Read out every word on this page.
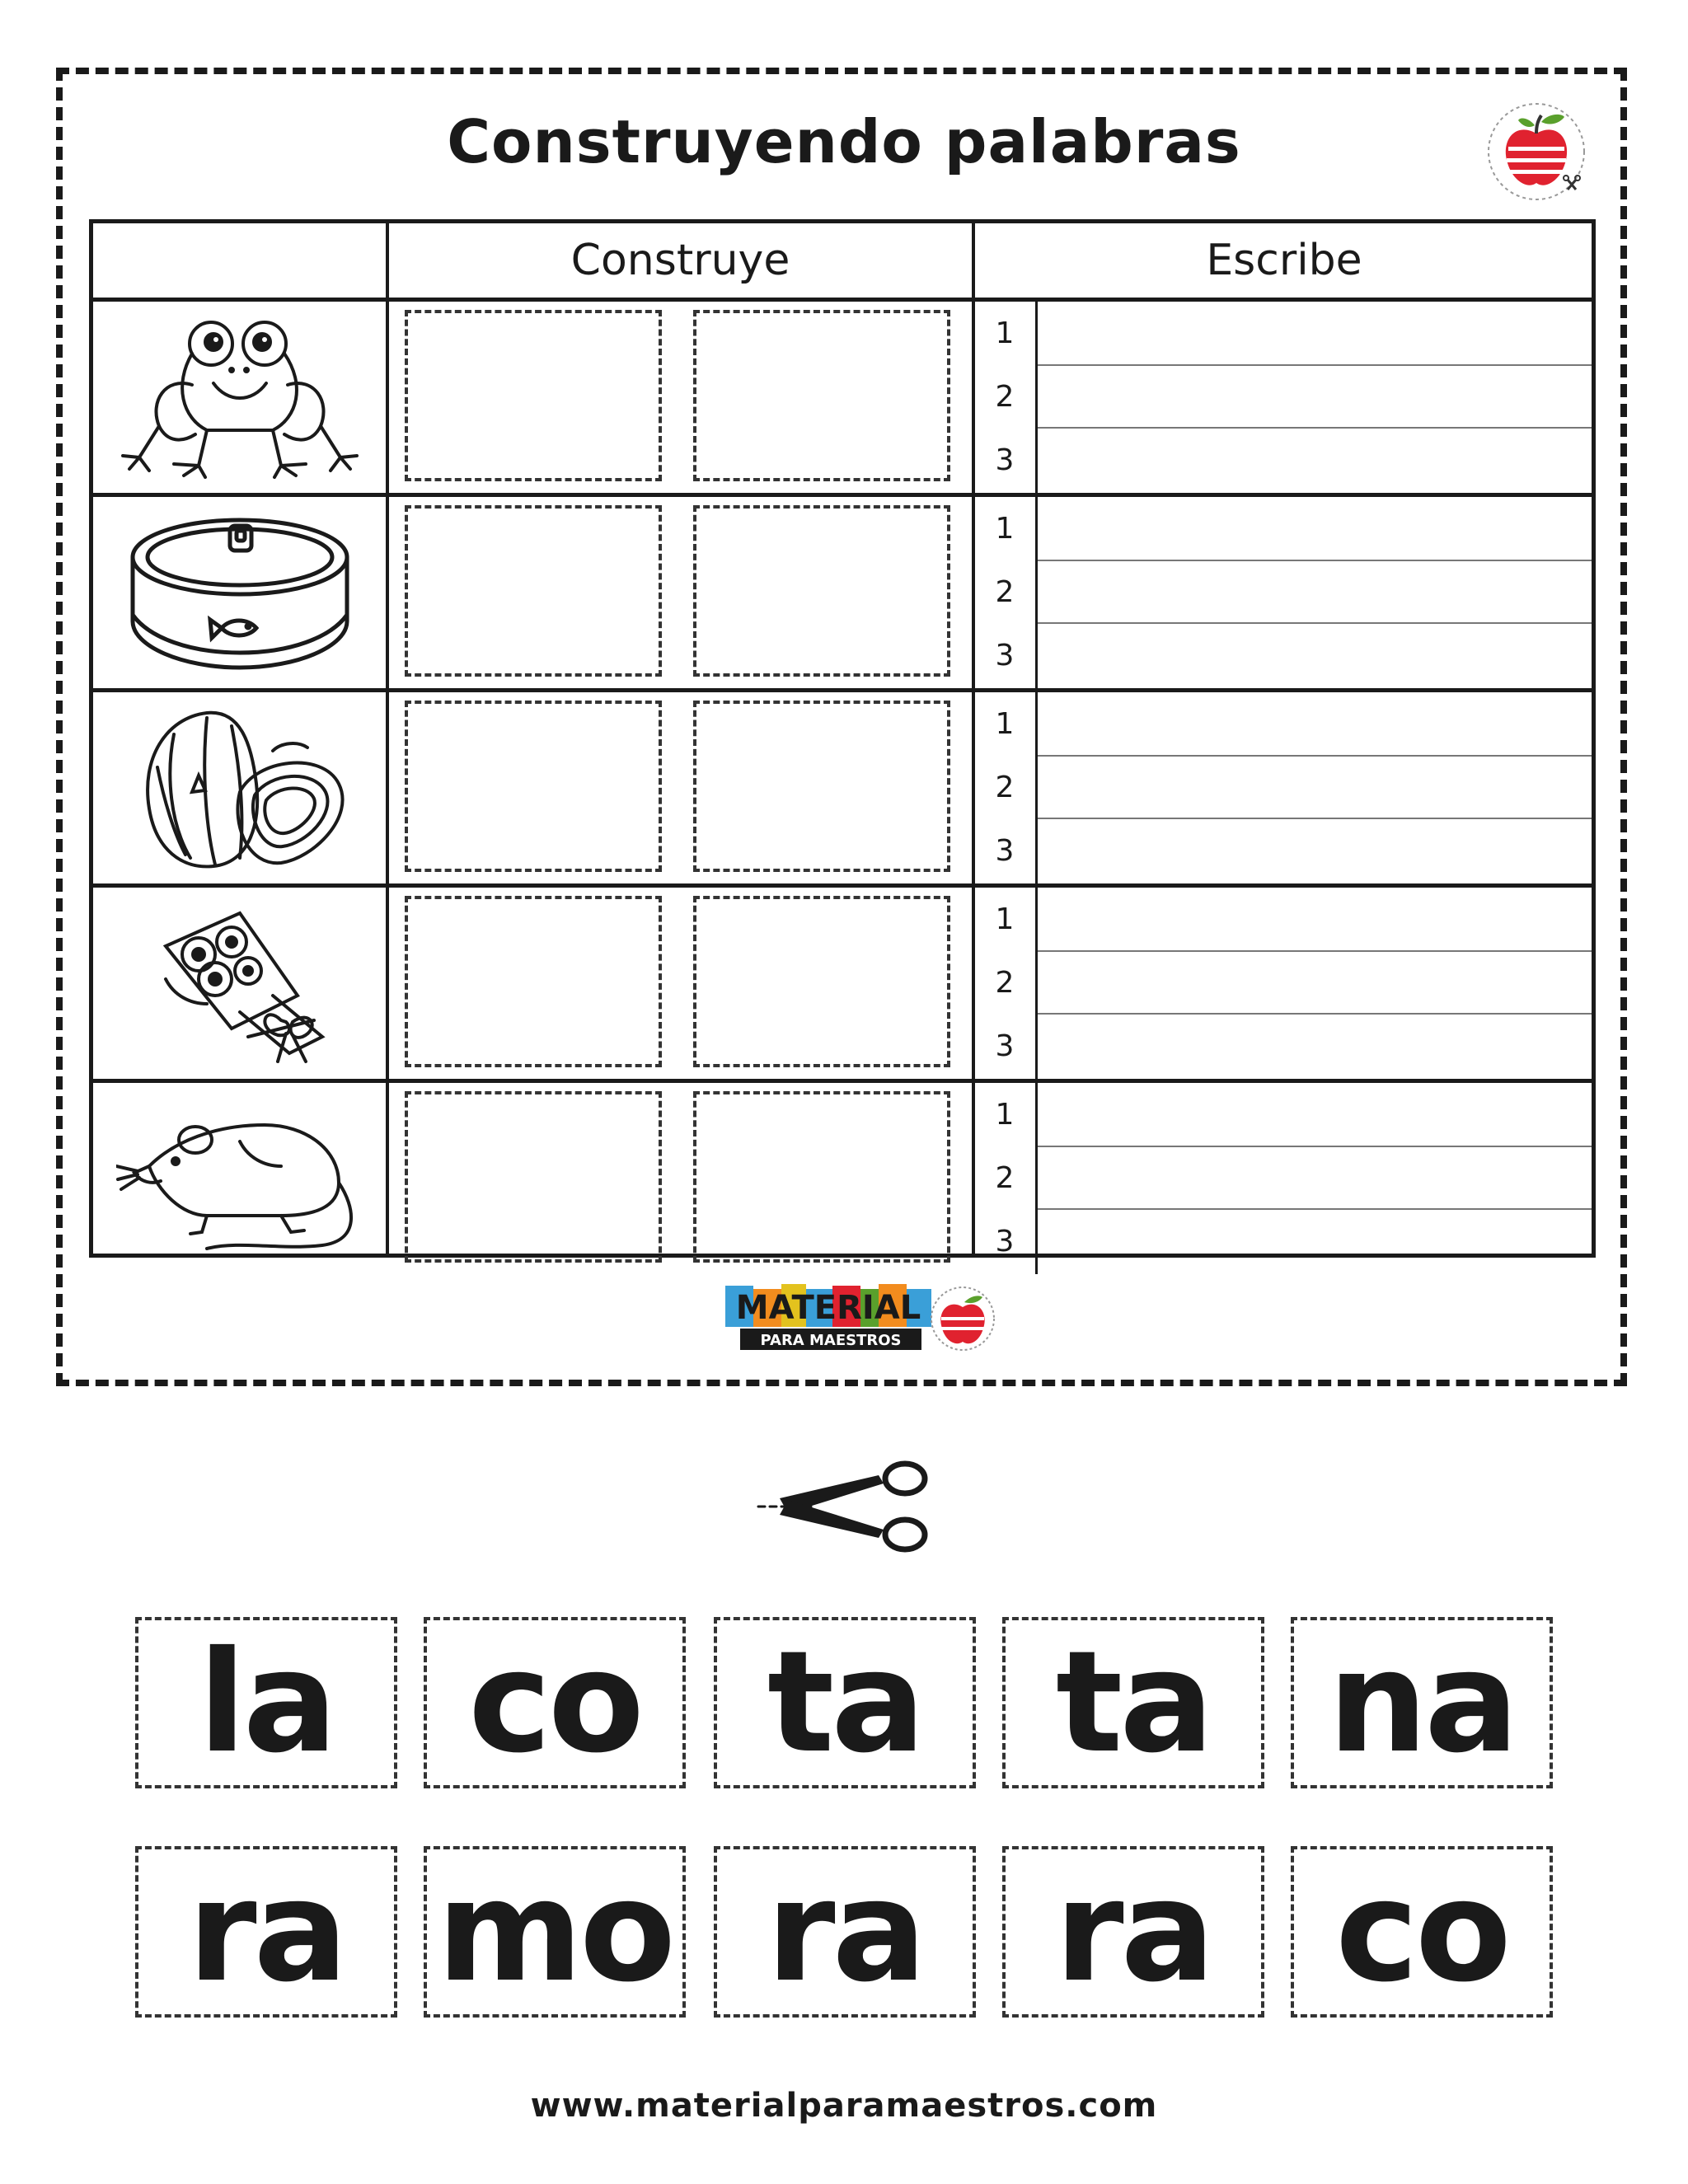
Construyendo palabras
Construye	Escribe
1
2
3
1
2
3
1
2
3
1
2
3
1
2
3
MATERIAL
PARA MAESTROS
la co ta ta na
ra mo ra ra co
www.materialparamaestros.com
